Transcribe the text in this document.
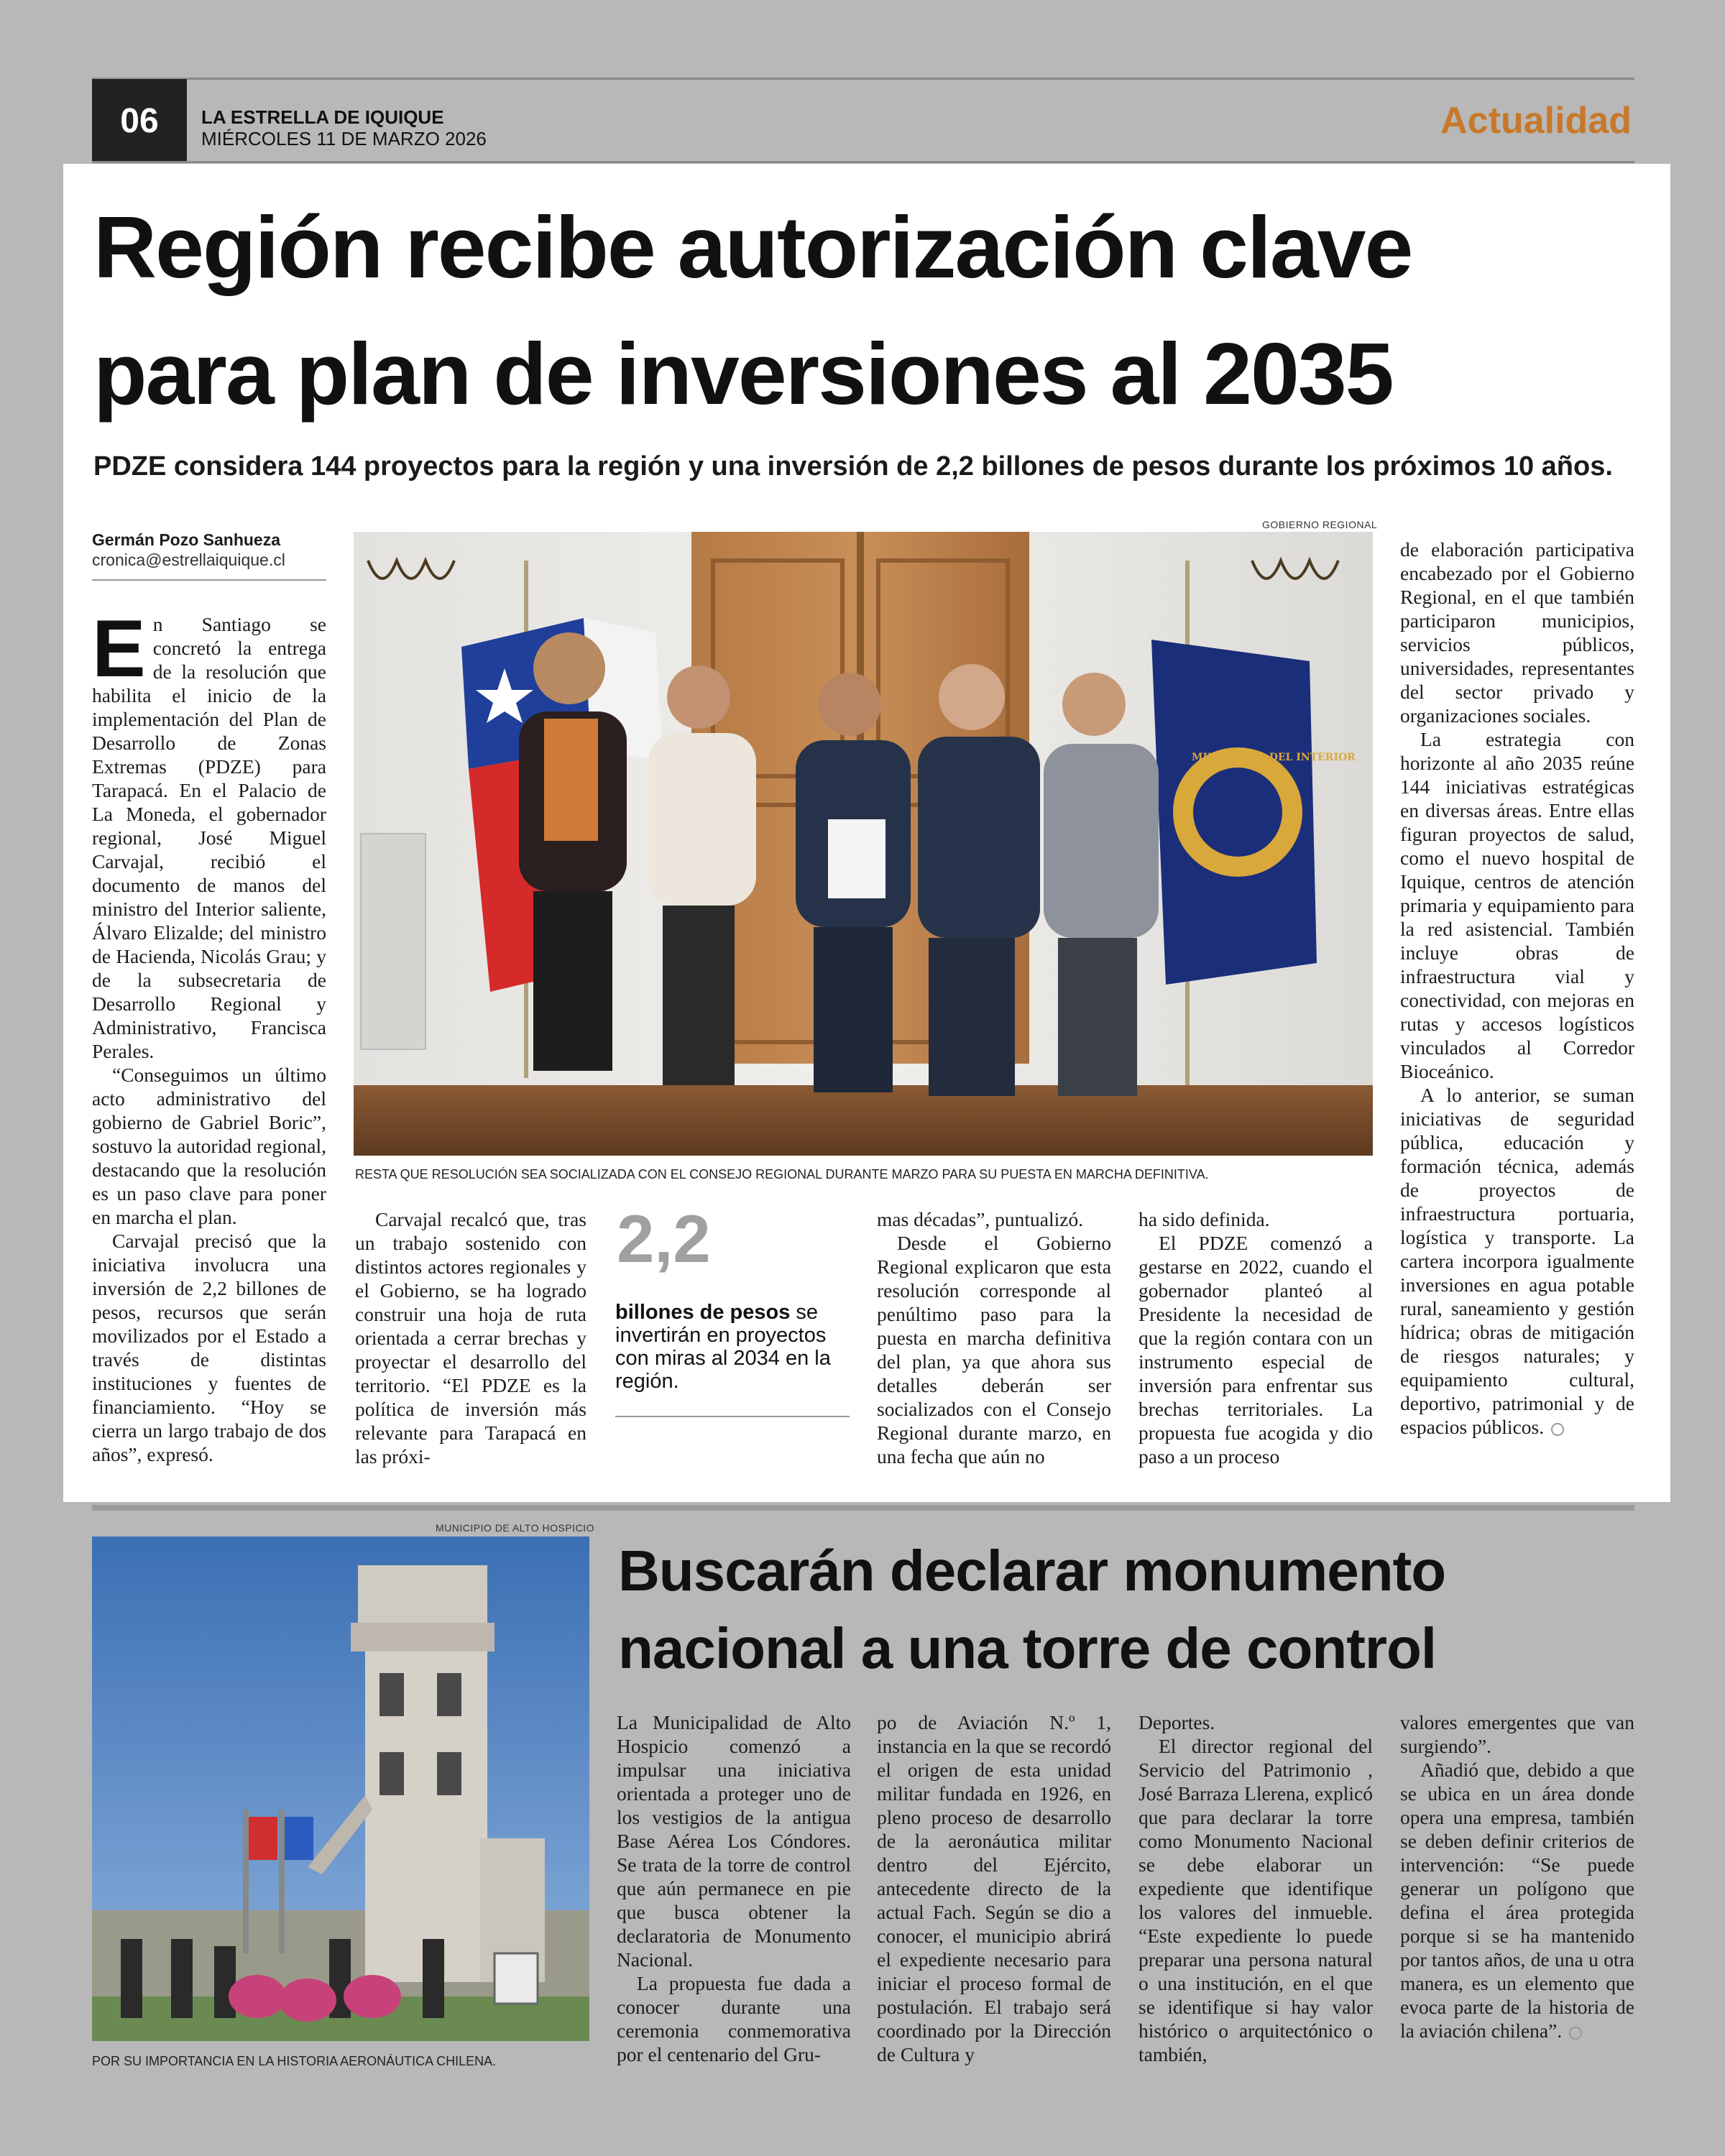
06	LA ESTRELLA DE IQUIQUE
MIÉRCOLES 11 DE MARZO 2026	Actualidad
Región recibe autorización clave
para plan de inversiones al 2035
PDZE considera 144 proyectos para la región y una inversión de 2,2 billones de pesos durante los próximos 10 años.
Germán Pozo Sanhueza
cronica@estrellaiquique.cl

En Santiago se concretó la entrega de la resolución que habilita el inicio de la implementación del Plan de Desarrollo de Zonas Extremas (PDZE) para Tarapacá. En el Palacio de La Moneda, el gobernador regional, José Miguel Carvajal, recibió el documento de manos del ministro del Interior saliente, Álvaro Elizalde; del ministro de Hacienda, Nicolás Grau; y de la subsecretaria de Desarrollo Regional y Administrativo, Francisca Perales.

“Conseguimos un último acto administrativo del gobierno de Gabriel Boric”, sostuvo la autoridad regional, destacando que la resolución es un paso clave para poner en marcha el plan.

Carvajal precisó que la iniciativa involucra una inversión de 2,2 billones de pesos, recursos que serán movilizados por el Estado a través de distintas instituciones y fuentes de financiamiento. “Hoy se cierra un largo trabajo de dos años”, expresó.

GOBIERNO REGIONAL
MINISTERIO DEL INTERIOR
RESTA QUE RESOLUCIÓN SEA SOCIALIZADA CON EL CONSEJO REGIONAL DURANTE MARZO PARA SU PUESTA EN MARCHA DEFINITIVA.

Carvajal recalcó que, tras un trabajo sostenido con distintos actores regionales y el Gobierno, se ha logrado construir una hoja de ruta orientada a cerrar brechas y proyectar el desarrollo del territorio. “El PDZE es la política de inversión más relevante para Tarapacá en las próxi-

2,2
billones de pesos se invertirán en proyectos con miras al 2034 en la región.

mas décadas”, puntualizó.

Desde el Gobierno Regional explicaron que esta resolución corresponde al penúltimo paso para la puesta en marcha definitiva del plan, ya que ahora sus detalles deberán ser socializados con el Consejo Regional durante marzo, en una fecha que aún no

ha sido definida.

El PDZE comenzó a gestarse en 2022, cuando el gobernador planteó al Presidente la necesidad de que la región contara con un instrumento especial de inversión para enfrentar sus brechas territoriales. La propuesta fue acogida y dio paso a un proceso

de elaboración participativa encabezado por el Gobierno Regional, en el que también participaron municipios, servicios públicos, universidades, representantes del sector privado y organizaciones sociales.

La estrategia con horizonte al año 2035 reúne 144 iniciativas estratégicas en diversas áreas. Entre ellas figuran proyectos de salud, como el nuevo hospital de Iquique, centros de atención primaria y equipamiento para la red asistencial. También incluye obras de infraestructura vial y conectividad, con mejoras en rutas y accesos logísticos vinculados al Corredor Bioceánico.

A lo anterior, se suman iniciativas de seguridad pública, educación y formación técnica, además de proyectos de infraestructura portuaria, logística y transporte. La cartera incorpora igualmente inversiones en agua potable rural, saneamiento y gestión hídrica; obras de mitigación de riesgos naturales; y equipamiento cultural, deportivo, patrimonial y de espacios públicos.

MUNICIPIO DE ALTO HOSPICIO
POR SU IMPORTANCIA EN LA HISTORIA AERONÁUTICA CHILENA.
Buscarán declarar monumento
nacional a una torre de control

La Municipalidad de Alto Hospicio comenzó a impulsar una iniciativa orientada a proteger uno de los vestigios de la antigua Base Aérea Los Cóndores. Se trata de la torre de control que aún permanece en pie que busca obtener la declaratoria de Monumento Nacional.

La propuesta fue dada a conocer durante una ceremonia conmemorativa por el centenario del Gru-

po de Aviación N.º 1, instancia en la que se recordó el origen de esta unidad militar fundada en 1926, en pleno proceso de desarrollo de la aeronáutica militar dentro del Ejército, antecedente directo de la actual Fach. Según se dio a conocer, el municipio abrirá el expediente necesario para iniciar el proceso formal de postulación. El trabajo será coordinado por la Dirección de Cultura y

Deportes.

El director regional del Servicio del Patrimonio , José Barraza Llerena, explicó que para declarar la torre como Monumento Nacional se debe elaborar un expediente que identifique los valores del inmueble. “Este expediente lo puede preparar una persona natural o una institución, en el que se identifique si hay valor histórico o arquitectónico o también,

valores emergentes que van surgiendo”.

Añadió que, debido a que se ubica en un área donde opera una empresa, también se deben definir criterios de intervención: “Se puede generar un polígono que defina el área protegida porque si se ha mantenido por tantos años, de una u otra manera, es un elemento que evoca parte de la historia de la aviación chilena”.
